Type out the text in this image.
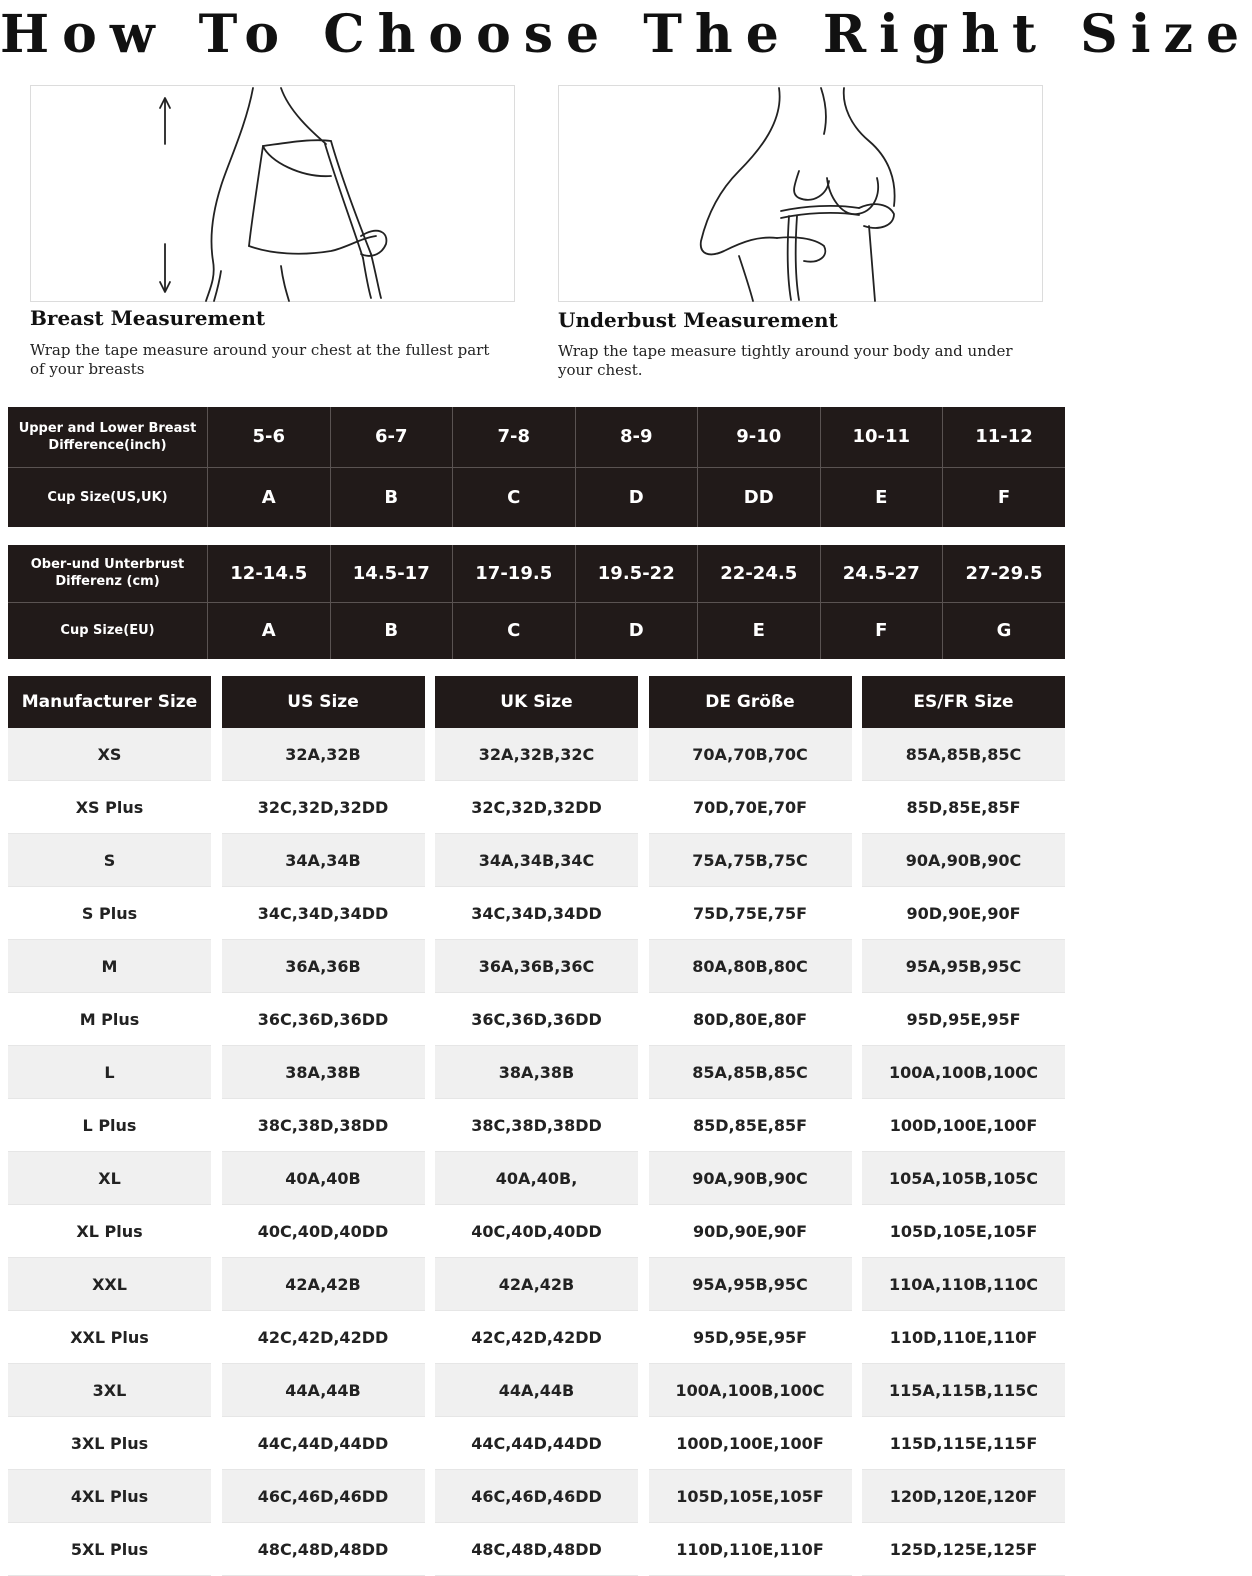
How To Choose The Right Size
Breast Measurement
Wrap the tape measure around your chest at the fullest part of your breasts
Underbust Measurement
Wrap the tape measure tightly around your body and under your chest.
Upper and Lower Breast Difference(inch)	5-6	6-7	7-8	8-9	9-10	10-11	11-12
Cup Size(US,UK)	A	B	C	D	DD	E	F
Ober-und Unterbrust Differenz (cm)	12-14.5	14.5-17	17-19.5	19.5-22	22-24.5	24.5-27	27-29.5
Cup Size(EU)	A	B	C	D	E	F	G
Manufacturer Size	US Size	UK Size	DE Größe	ES/FR Size
XS	32A,32B	32A,32B,32C	70A,70B,70C	85A,85B,85C
XS Plus	32C,32D,32DD	32C,32D,32DD	70D,70E,70F	85D,85E,85F
S	34A,34B	34A,34B,34C	75A,75B,75C	90A,90B,90C
S Plus	34C,34D,34DD	34C,34D,34DD	75D,75E,75F	90D,90E,90F
M	36A,36B	36A,36B,36C	80A,80B,80C	95A,95B,95C
M Plus	36C,36D,36DD	36C,36D,36DD	80D,80E,80F	95D,95E,95F
L	38A,38B	38A,38B	85A,85B,85C	100A,100B,100C
L Plus	38C,38D,38DD	38C,38D,38DD	85D,85E,85F	100D,100E,100F
XL	40A,40B	40A,40B,	90A,90B,90C	105A,105B,105C
XL Plus	40C,40D,40DD	40C,40D,40DD	90D,90E,90F	105D,105E,105F
XXL	42A,42B	42A,42B	95A,95B,95C	110A,110B,110C
XXL Plus	42C,42D,42DD	42C,42D,42DD	95D,95E,95F	110D,110E,110F
3XL	44A,44B	44A,44B	100A,100B,100C	115A,115B,115C
3XL Plus	44C,44D,44DD	44C,44D,44DD	100D,100E,100F	115D,115E,115F
4XL Plus	46C,46D,46DD	46C,46D,46DD	105D,105E,105F	120D,120E,120F
5XL Plus	48C,48D,48DD	48C,48D,48DD	110D,110E,110F	125D,125E,125F
